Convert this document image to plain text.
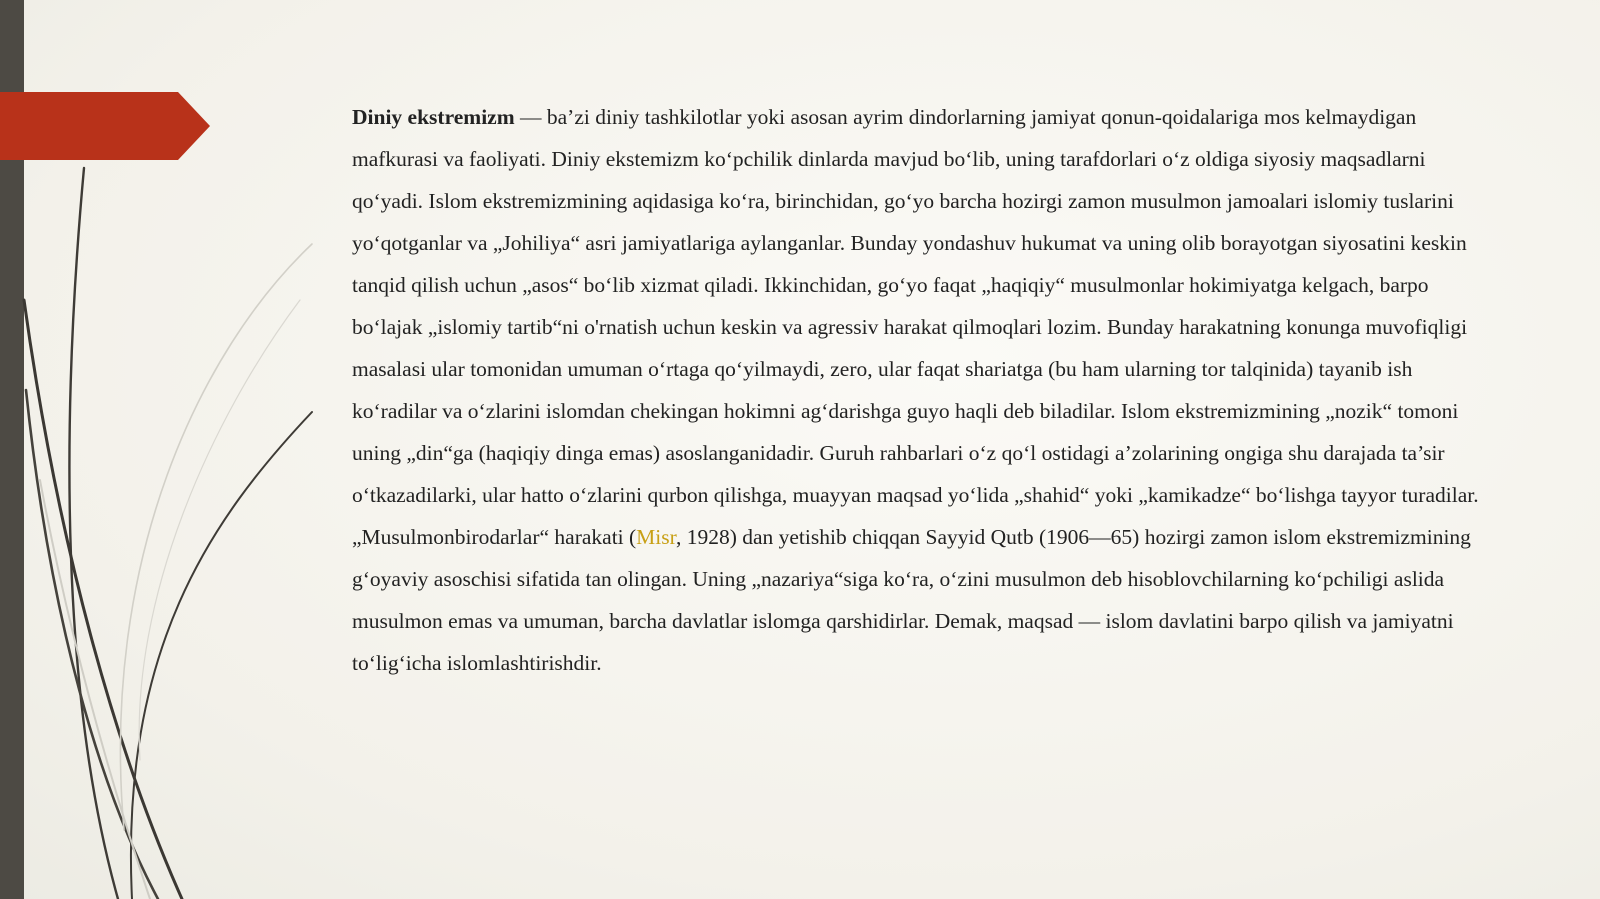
Diniy ekstremizm — ba’zi diniy tashkilotlar yoki asosan ayrim dindorlarning jamiyat qonun-qoidalariga mos kelmaydigan mafkurasi va faoliyati. Diniy ekstemizm koʻpchilik dinlarda mavjud boʻlib, uning tarafdorlari oʻz oldiga siyosiy maqsadlarni qoʻyadi. Islom ekstremizmining aqidasiga koʻra, birinchidan, goʻyo barcha hozirgi zamon musulmon jamoalari islomiy tuslarini yoʻqotganlar va „Johiliya“ asri jamiyatlariga aylanganlar. Bunday yondashuv hukumat va uning olib borayotgan siyosatini keskin tanqid qilish uchun „asos“ boʻlib xizmat qiladi. Ikkinchidan, goʻyo faqat „haqiqiy“ musulmonlar hokimiyatga kelgach, barpo boʻlajak „islomiy tartib“ni o'rnatish uchun keskin va agressiv harakat qilmoqlari lozim. Bunday harakatning konunga muvofiqligi masalasi ular tomonidan umuman oʻrtaga qoʻyilmaydi, zero, ular faqat shariatga (bu ham ularning tor talqinida) tayanib ish koʻradilar va oʻzlarini islomdan chekingan hokimni agʻdarishga guyo haqli deb biladilar. Islom ekstremizmining „nozik“ tomoni uning „din“ga (haqiqiy dinga emas) asoslanganidadir. Guruh rahbarlari oʻz qoʻl ostidagi a’zolarining ongiga shu darajada ta’sir oʻtkazadilarki, ular hatto oʻzlarini qurbon qilishga, muayyan maqsad yoʻlida „shahid“ yoki „kamikadze“ boʻlishga tayyor turadilar. „Musulmonbirodarlar“ harakati (Misr, 1928) dan yetishib chiqqan Sayyid Qutb (1906—65) hozirgi zamon islom ekstremizmining gʻoyaviy asoschisi sifatida tan olingan. Uning „nazariya“siga koʻra, oʻzini musulmon deb hisoblovchilarning koʻpchiligi aslida musulmon emas va umuman, barcha davlatlar islomga qarshidirlar. Demak, maqsad — islom davlatini barpo qilish va jamiyatni toʻligʻicha islomlashtirishdir.
